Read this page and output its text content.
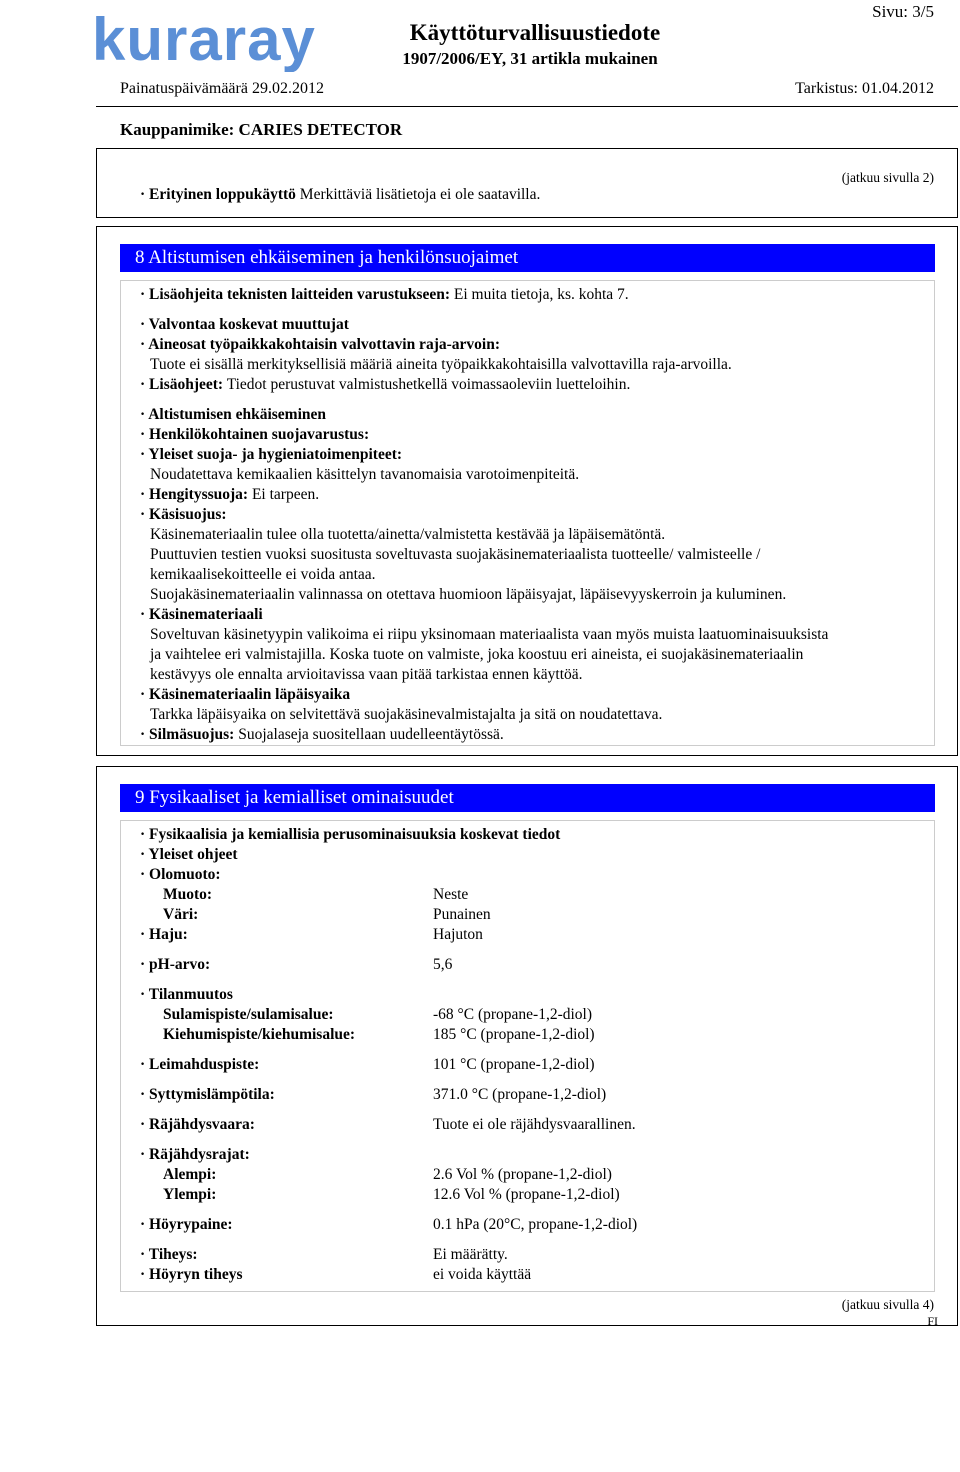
kuraray	Käyttöturvallisuustiedote
1907/2006/EY, 31 artikla mukainen
Sivu: 3/5
Painatuspäivämäärä 29.02.2012	Tarkistus: 01.04.2012
Kauppanimike: CARIES DETECTOR
(jatkuu sivulla 2)
· Erityinen loppukäyttö Merkittäviä lisätietoja ei ole saatavilla.
8 Altistumisen ehkäiseminen ja henkilönsuojaimet
· Lisäohjeita teknisten laitteiden varustukseen: Ei muita tietoja, ks. kohta 7.
· Valvontaa koskevat muuttujat
· Aineosat työpaikkakohtaisin valvottavin raja-arvoin:
Tuote ei sisällä merkityksellisiä määriä aineita työpaikkakohtaisilla valvottavilla raja-arvoilla.
· Lisäohjeet: Tiedot perustuvat valmistushetkellä voimassaoleviin luetteloihin.
· Altistumisen ehkäiseminen
· Henkilökohtainen suojavarustus:
· Yleiset suoja- ja hygieniatoimenpiteet:
Noudatettava kemikaalien käsittelyn tavanomaisia varotoimenpiteitä.
· Hengityssuoja: Ei tarpeen.
· Käsisuojus:
Käsinemateriaalin tulee olla tuotetta/ainetta/valmistetta kestävää ja läpäisemätöntä.
Puuttuvien testien vuoksi suositusta soveltuvasta suojakäsinemateriaalista tuotteelle/ valmisteelle /
kemikaalisekoitteelle ei voida antaa.
Suojakäsinemateriaalin valinnassa on otettava huomioon läpäisyajat, läpäisevyyskerroin ja kuluminen.
· Käsinemateriaali
Soveltuvan käsinetyypin valikoima ei riipu yksinomaan materiaalista vaan myös muista laatuominaisuuksista
ja vaihtelee eri valmistajilla. Koska tuote on valmiste, joka koostuu eri aineista, ei suojakäsinemateriaalin
kestävyys ole ennalta arvioitavissa vaan pitää tarkistaa ennen käyttöä.
· Käsinemateriaalin läpäisyaika
Tarkka läpäisyaika on selvitettävä suojakäsinevalmistajalta ja sitä on noudatettava.
· Silmäsuojus: Suojalaseja suositellaan uudelleentäytössä.
9 Fysikaaliset ja kemialliset ominaisuudet
· Fysikaalisia ja kemiallisia perusominaisuuksia koskevat tiedot
· Yleiset ohjeet
· Olomuoto:
Muoto:	Neste
Väri:	Punainen
· Haju:	Hajuton
· pH-arvo:	5,6
· Tilanmuutos
Sulamispiste/sulamisalue:	-68 °C (propane-1,2-diol)
Kiehumispiste/kiehumisalue:	185 °C (propane-1,2-diol)
· Leimahduspiste:	101 °C (propane-1,2-diol)
· Syttymislämpötila:	371.0 °C (propane-1,2-diol)
· Räjähdysvaara:	Tuote ei ole räjähdysvaarallinen.
· Räjähdysrajat:
Alempi:	2.6 Vol % (propane-1,2-diol)
Ylempi:	12.6 Vol % (propane-1,2-diol)
· Höyrypaine:	0.1 hPa (20°C, propane-1,2-diol)
· Tiheys:	Ei määrätty.
· Höyryn tiheys	ei voida käyttää
(jatkuu sivulla 4)
FI
